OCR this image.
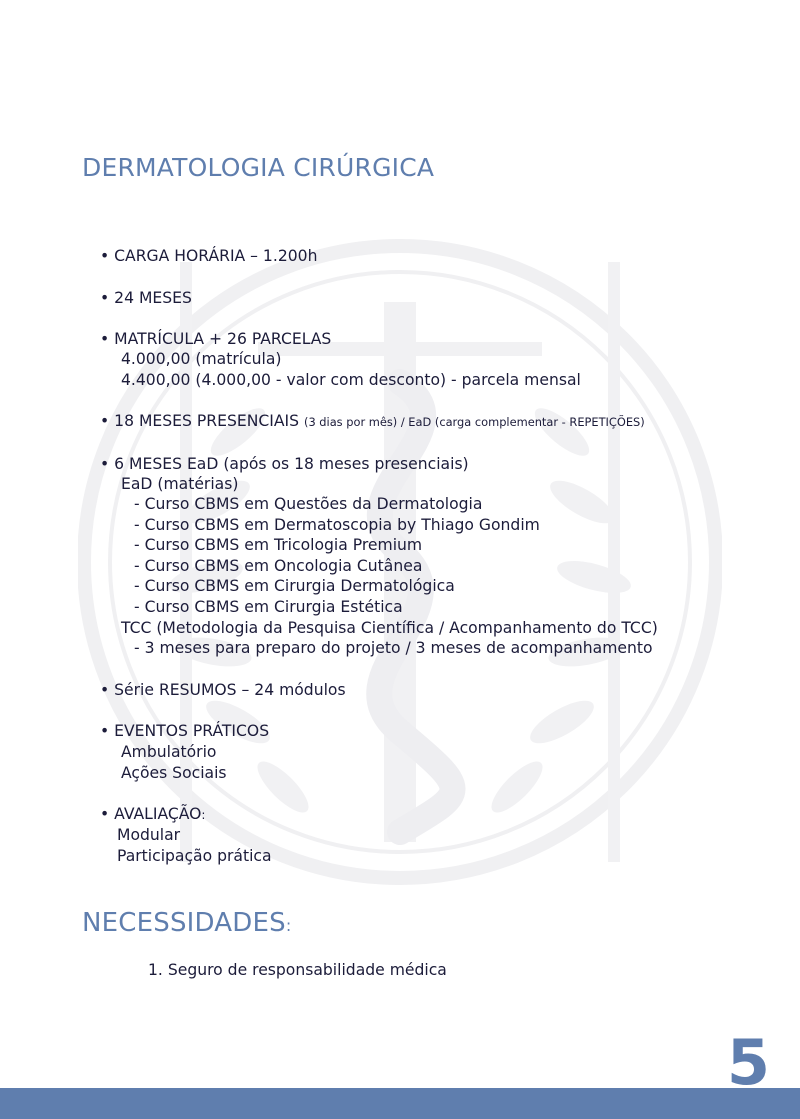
DERMATOLOGIA CIRÚRGICA
• CARGA HORÁRIA – 1.200h
• 24 MESES
• MATRÍCULA + 26 PARCELAS
4.000,00 (matrícula)
4.400,00 (4.000,00 - valor com desconto) - parcela mensal
• 18 MESES PRESENCIAIS (3 dias por mês) / EaD (carga complementar - REPETIÇÕES)
• 6 MESES EaD (após os 18 meses presenciais)
EaD (matérias)
- Curso CBMS em Questões da Dermatologia
- Curso CBMS em Dermatoscopia by Thiago Gondim
- Curso CBMS em Tricologia Premium
- Curso CBMS em Oncologia Cutânea
- Curso CBMS em Cirurgia Dermatológica
- Curso CBMS em Cirurgia Estética
TCC (Metodologia da Pesquisa Científica / Acompanhamento do TCC)
- 3 meses para preparo do projeto / 3 meses de acompanhamento
• Série RESUMOS – 24 módulos
• EVENTOS PRÁTICOS
Ambulatório
Ações Sociais
• AVALIAÇÃO:
Modular
Participação prática
1. Seguro de responsabilidade médica
NECESSIDADES:
5
